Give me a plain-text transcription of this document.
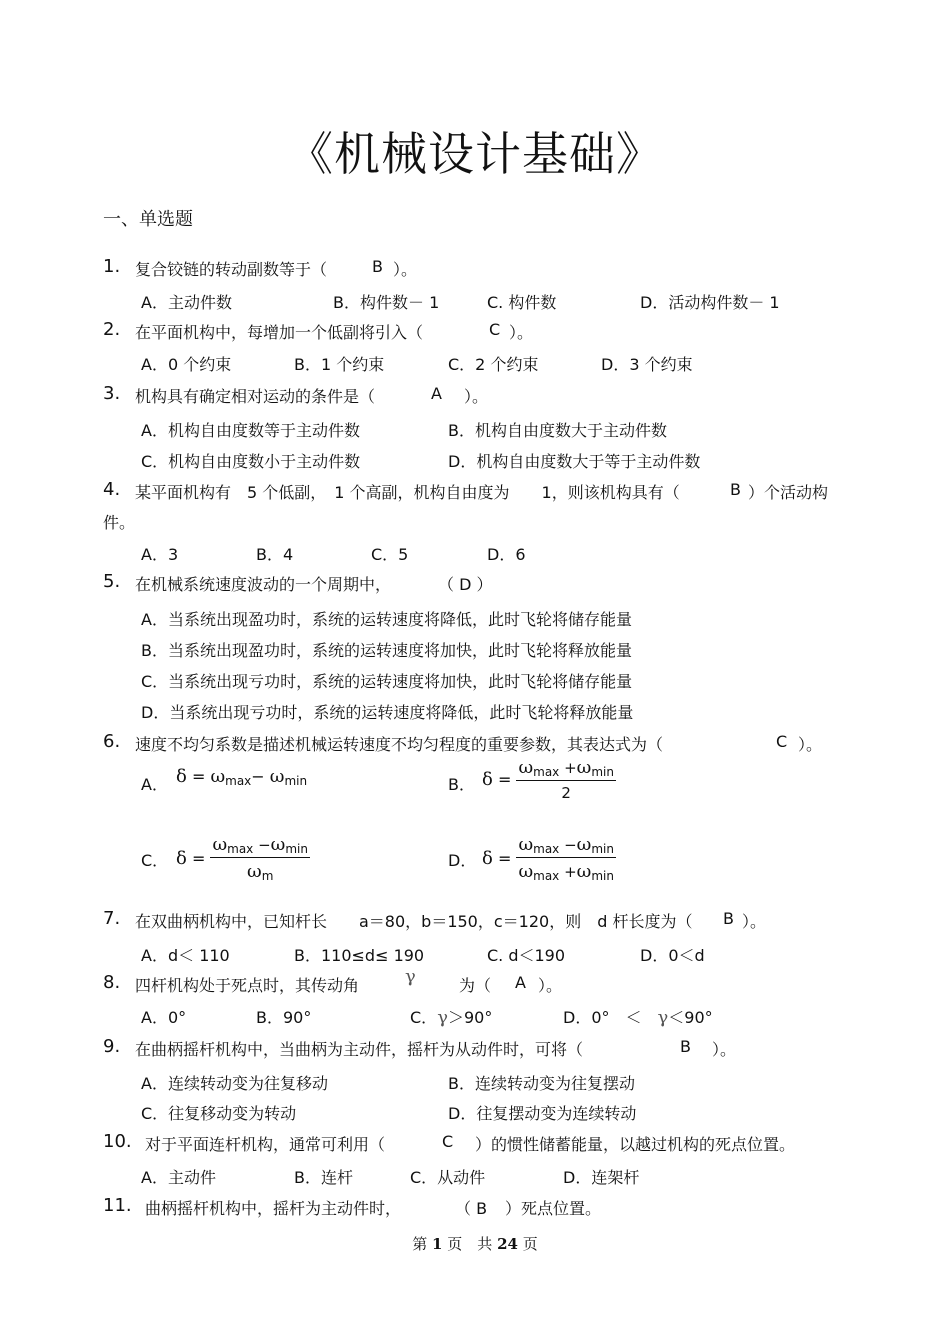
《机械设计基础》
一、单选题
1. 复合铰链的转动副数等于（	B ）。
A．主动件数	B．构件数－ 1	C. 构件数	D．活动构件数－ 1
2. 在平面机构中，每增加一个低副将引入（	C ）。
A．0 个约束	B．1 个约束	C．2 个约束	D．3 个约束
3. 机构具有确定相对运动的条件是（	A ）。
A．机构自由度数等于主动件数	B．机构自由度数大于主动件数
C．机构自由度数小于主动件数	D．机构自由度数大于等于主动件数
4. 某平面机构有　5 个低副，　1 个高副，机构自由度为　　1，则该机构具有（	B ）个活动构
件。
A．3	B．4	C．5	D．6
5. 在机械系统速度波动的一个周期中，	（ D ）
A．当系统出现盈功时，系统的运转速度将降低，此时飞轮将储存能量
B．当系统出现盈功时，系统的运转速度将加快，此时飞轮将释放能量
C．当系统出现亏功时，系统的运转速度将加快，此时飞轮将储存能量
D．当系统出现亏功时，系统的运转速度将降低，此时飞轮将释放能量
6. 速度不均匀系数是描述机械运转速度不均匀程度的重要参数，其表达式为（	C ）。
A． $\delta = \omega_{max}- \omega_{min}$	B． $\delta = \frac{\omega_{max} +\omega_{min}}{2}$
C． $\delta = \frac{\omega_{max} -\omega_{min}}{\omega_m}$	D． $\delta = \frac{\omega_{max} -\omega_{min}}{\omega_{max} +\omega_{min}}$
7. 在双曲柄机构中，已知杆长　　a＝80，b＝150，c＝120，则　d 杆长度为（ B ）。
A．d＜ 110	B．110≤d≤ 190	C. d＜190	D．0＜d
8. 四杆机构处于死点时，其传动角	γ	为（ A ）。
A．0°	B．90°	C．γ＞90°	D．0°　＜　 γ＜90°
9. 在曲柄摇杆机构中，当曲柄为主动件，摇杆为从动件时，可将（	B ）。
A．连续转动变为往复移动	B．连续转动变为往复摆动
C．往复移动变为转动	D．往复摆动变为连续转动
10. 对于平面连杆机构，通常可利用（	C ）的惯性储蓄能量，以越过机构的死点位置。
A．主动件	B．连杆	C．从动件	D．连架杆
11. 曲柄摇杆机构中，摇杆为主动件时，	（ B ）死点位置。
第 1 页　共 24 页
